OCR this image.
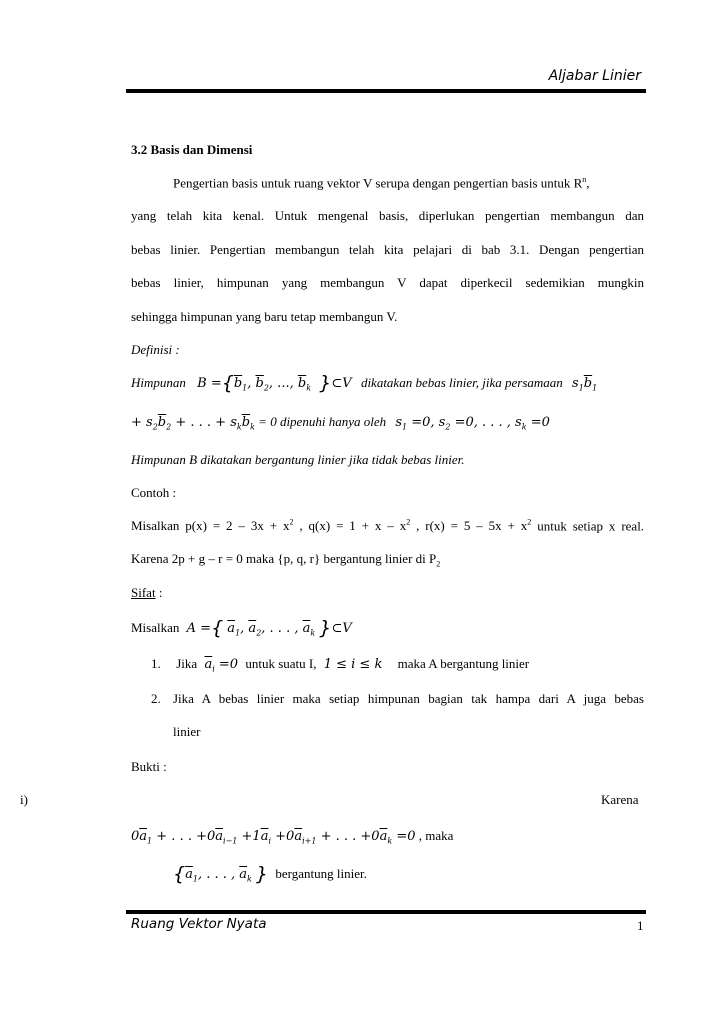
Aljabar Linier
3.2 Basis dan Dimensi
Pengertian basis untuk ruang vektor V serupa dengan pengertian basis untuk $R^n$,
yang telah kita kenal. Untuk mengenal basis, diperlukan pengertian membangun dan
bebas linier. Pengertian membangun telah kita pelajari di bab 3.1. Dengan pengertian
bebas linier, himpunan yang membangun V dapat diperkecil sedemikian mungkin
sehingga himpunan yang baru tetap membangun V.
Definisi :
Himpunan $B =\{\overline{b}_1$, $\overline{b}_2$, ..., $\overline{b}_k$ }⊂V dikatakan bebas linier, jika persamaan $s_1\overline{b}_1$
+ $s_2\overline{b}_2$ + . . . + $s_k\overline{b}_k = 0$ dipenuhi hanya oleh $s_1 =0$, $s_2 =0$, . . . , $s_k =0$
Himpunan B dikatakan bergantung linier jika tidak bebas linier.
Contoh :
Misalkan $p(x) = 2 - 3x + x^2$ , $q(x) = 1 + x - x^2$ , $r(x) = 5 - 5x + x^2$ untuk setiap x real.
Karena 2p + g – r = 0 maka {p, q, r} bergantung linier di $P_2$
Sifat :
Misalkan A ={ $\overline{a}_1$, $\overline{a}_2$, . . . , $\overline{a}_k$ }⊂V
1. Jika $\overline{a}_i =0$ untuk suatu I, 1 ≤ i ≤ k maka A bergantung linier
2. Jika A bebas linier maka setiap himpunan bagian tak hampa dari A juga bebas
linier
Bukti :
i)	Karena
$0\overline{a}_1$ + . . . $+0\overline{a}_{i-1} +1\overline{a}_i +0\overline{a}_{i+1}$ + . . . $+0\overline{a}_k =0$ , maka
{$\overline{a}_1$, . . . , $\overline{a}_k$ } bergantung linier.
Ruang Vektor Nyata	1
